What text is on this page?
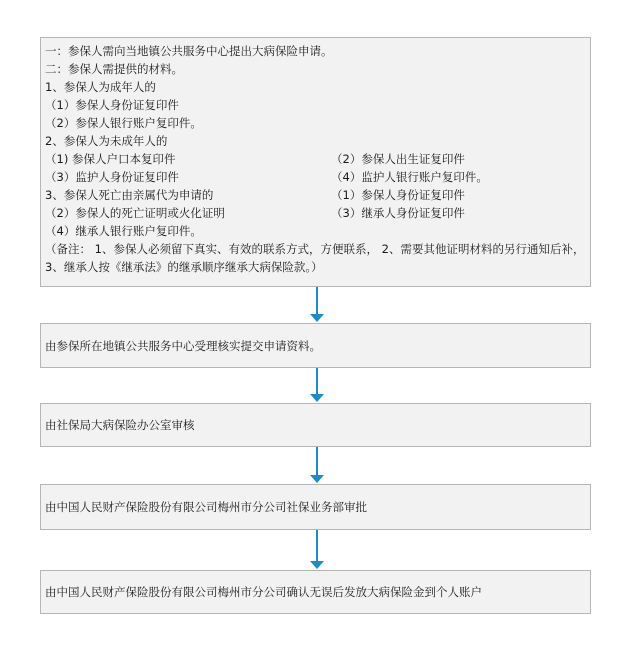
一：参保人需向当地镇公共服务中心提出大病保险申请。
二：参保人需提供的材料。
1、参保人为成年人的
（1）参保人身份证复印件
（2）参保人银行账户复印件。
2、参保人为未成年人的
（1) 参保人户口本复印件	（2）参保人出生证复印件
（3）监护人身份证复印件	（4）监护人银行账户复印件。
3、参保人死亡由亲属代为申请的	（1）参保人身份证复印件
（2）参保人的死亡证明或火化证明	（3）继承人身份证复印件
（4）继承人银行账户复印件。
（备注： 1、参保人必须留下真实、有效的联系方式，方便联系， 2、需要其他证明材料的另行通知后补， 3、继承人按《继承法》的继承顺序继承大病保险款。）
由参保所在地镇公共服务中心受理核实提交申请资料。
由社保局大病保险办公室审核
由中国人民财产保险股份有限公司梅州市分公司社保业务部审批
由中国人民财产保险股份有限公司梅州市分公司确认无误后发放大病保险金到个人账户
